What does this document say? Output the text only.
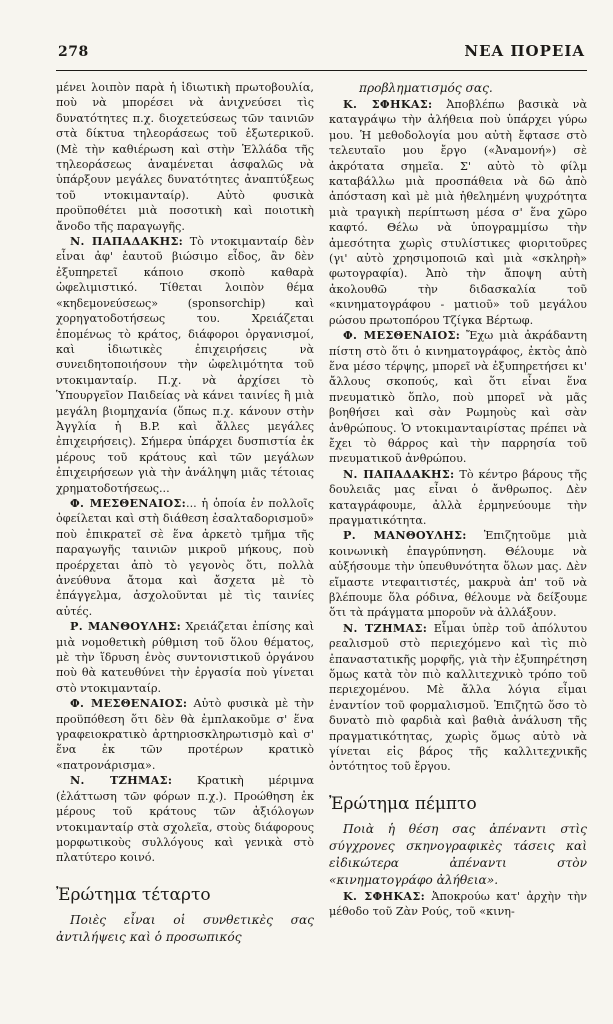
278	ΝΕΑ ΠΟΡΕΙΑ

μένει λοιπὸν παρὰ ἡ ἰδιωτικὴ πρωτοβουλία, ποὺ νὰ μπορέσει νὰ ἀνιχνεύσει τὶς δυνατότητες π.χ. διοχετεύσεως τῶν ταινιῶν στὰ δίκτυα τηλεοράσεως τοῦ ἐξωτερικοῦ. (Μὲ τὴν καθιέρωση καὶ στὴν Ἑλλάδα τῆς τηλεοράσεως ἀναμένεται ἀσφαλῶς νὰ ὑπάρξουν μεγάλες δυνατότητες ἀναπτύξεως τοῦ ντοκιμανταίρ). Αὐτὸ φυσικὰ προϋποθέτει μιὰ ποσοτικὴ καὶ ποιοτικὴ ἄνοδο τῆς παραγωγῆς.

Ν. ΠΑΠΑΔΑΚΗΣ: Τὸ ντοκιμανταίρ δὲν εἶναι ἀφ' ἑαυτοῦ βιώσιμο εἶδος, ἂν δὲν ἐξυπηρετεῖ κάποιο σκοπὸ καθαρὰ ὠφελιμιστικό. Τίθεται λοιπὸν θέμα «κηδεμονεύσεως» (sponsorchip) καὶ χορηγατοδοτήσεως του. Χρειάζεται ἑπομένως τὸ κράτος, διάφοροι ὀργανισμοί, καὶ ἰδιωτικὲς ἐπιχειρήσεις νὰ συνειδητοποιήσουν τὴν ὠφελιμότητα τοῦ ντοκιμανταίρ. Π.χ. νὰ ἀρχίσει τὸ Ὑπουργεῖον Παιδείας νὰ κάνει ταινίες ἢ μιὰ μεγάλη βιομηχανία (ὅπως π.χ. κάνουν στὴν Ἀγγλία ἡ B.P. καὶ ἄλλες μεγάλες ἐπιχειρήσεις). Σήμερα ὑπάρχει δυσπιστία ἐκ μέρους τοῦ κράτους καὶ τῶν μεγάλων ἐπιχειρήσεων γιὰ τὴν ἀνάληψη μιᾶς τέτοιας χρηματοδοτήσεως...

Φ. ΜΕΣΘΕΝΑΙΟΣ:... ἡ ὁποία ἐν πολλοῖς ὀφείλεται καὶ στὴ διάθεση ἐσαλταδορισμοῦ» ποὺ ἐπικρατεῖ σὲ ἕνα ἀρκετὸ τμῆμα τῆς παραγωγῆς ταινιῶν μικροῦ μήκους, ποὺ προέρχεται ἀπὸ τὸ γεγονὸς ὅτι, πολλὰ ἀνεύθυνα ἄτομα καὶ ἄσχετα μὲ τὸ ἐπάγγελμα, ἀσχολοῦνται μὲ τὶς ταινίες αὐτές.

Ρ. ΜΑΝΘΟΥΛΗΣ: Χρειάζεται ἐπίσης καὶ μιὰ νομοθετικὴ ρύθμιση τοῦ ὅλου θέματος, μὲ τὴν ἵδρυση ἑνὸς συντονιστικοῦ ὀργάνου ποὺ θὰ κατευθύνει τὴν ἐργασία ποὺ γίνεται στὸ ντοκιμανταίρ.

Φ. ΜΕΣΘΕΝΑΙΟΣ: Αὐτὸ φυσικὰ μὲ τὴν προϋπόθεση ὅτι δὲν θὰ ἐμπλακοῦμε σ' ἕνα γραφειοκρατικὸ ἀρτηριοσκληρωτισμὸ καὶ σ' ἕνα ἐκ τῶν προτέρων κρατικὸ «πατρονάρισμα».

Ν. ΤΖΗΜΑΣ: Κρατικὴ μέριμνα (ἐλάττωση τῶν φόρων π.χ.). Προώθηση ἐκ μέρους τοῦ κράτους τῶν ἀξιόλογων ντοκιμανταίρ στὰ σχολεῖα, στοὺς διάφορους μορφωτικοὺς συλλόγους καὶ γενικὰ στὸ πλατύτερο κοινό.

Ἐρώτημα τέταρτο

Ποιὲς εἶναι οἱ συνθετικὲς σας ἀντιλήψεις καὶ ὁ προσωπικός

προβληματισμός σας.

Κ. ΣΦΗΚΑΣ: Ἀποβλέπω βασικὰ νὰ καταγράψω τὴν ἀλήθεια ποὺ ὑπάρχει γύρω μου. Ἡ μεθοδολογία μου αὐτὴ ἔφτασε στὸ τελευταῖο μου ἔργο («Ἀναμονή») σὲ ἀκρότατα σημεῖα. Σ' αὐτὸ τὸ φίλμ καταβάλλω μιὰ προσπάθεια νὰ δῶ ἀπὸ ἀπόσταση καὶ μὲ μιὰ ἠθελημένη ψυχρότητα μιὰ τραγικὴ περίπτωση μέσα σ' ἕνα χῶρο καφτό. Θέλω νὰ ὑπογραμμίσω τὴν ἀμεσότητα χωρὶς στυλίστικες φιοριτοῦρες (γι' αὐτὸ χρησιμοποιῶ καὶ μιὰ «σκληρὴ» φωτογραφία). Ἀπὸ τὴν ἄποψη αὐτὴ ἀκολουθῶ τὴν διδασκαλία τοῦ «κινηματογράφου - ματιοῦ» τοῦ μεγάλου ρώσου πρωτοπόρου Τζίγκα Βέρτωφ.

Φ. ΜΕΣΘΕΝΑΙΟΣ: Ἔχω μιὰ ἀκράδαντη πίστη στὸ ὅτι ὁ κινηματογράφος, ἐκτὸς ἀπὸ ἕνα μέσο τέρψης, μπορεῖ νὰ ἐξυπηρετήσει κι' ἄλλους σκοπούς, καὶ ὅτι εἶναι ἕνα πνευματικὸ ὅπλο, ποὺ μπορεῖ νὰ μᾶς βοηθήσει καὶ σὰν Ρωμηοὺς καὶ σὰν ἀνθρώπους. Ὁ ντοκιμανταιρίστας πρέπει νὰ ἔχει τὸ θάρρος καὶ τὴν παρρησία τοῦ πνευματικοῦ ἀνθρώπου.

Ν. ΠΑΠΑΔΑΚΗΣ: Τὸ κέντρο βάρους τῆς δουλειᾶς μας εἶναι ὁ ἄνθρωπος. Δὲν καταγράφουμε, ἀλλὰ ἑρμηνεύουμε τὴν πραγματικότητα.

Ρ. ΜΑΝΘΟΥΛΗΣ: Ἐπιζητοῦμε μιὰ κοινωνικὴ ἐπαγρύπνηση. Θέλουμε νὰ αὐξήσουμε τὴν ὑπευθυνότητα ὅλων μας. Δὲν εἴμαστε ντεφαιτιστές, μακρυὰ ἀπ' τοῦ νὰ βλέπουμε ὅλα ρόδινα, θέλουμε νὰ δείξουμε ὅτι τὰ πράγματα μποροῦν νὰ ἀλλάξουν.

Ν. ΤΖΗΜΑΣ: Εἶμαι ὑπὲρ τοῦ ἀπόλυτου ρεαλισμοῦ στὸ περιεχόμενο καὶ τὶς πιὸ ἐπαναστατικῆς μορφῆς, γιὰ τὴν ἐξυπηρέτηση ὅμως κατὰ τὸν πιὸ καλλιτεχνικὸ τρόπο τοῦ περιεχομένου. Μὲ ἄλλα λόγια εἶμαι ἐναντίον τοῦ φορμαλισμοῦ. Ἐπιζητῶ ὅσο τὸ δυνατὸ πιὸ φαρδιὰ καὶ βαθιὰ ἀνάλυση τῆς πραγματικότητας, χωρὶς ὅμως αὐτὸ νὰ γίνεται εἰς βάρος τῆς καλλιτεχνικῆς ὀντότητος τοῦ ἔργου.

Ἐρώτημα πέμπτο

Ποιὰ ἡ θέση σας ἀπέναντι στὶς σύγχρονες σκηνογραφικὲς τάσεις καὶ εἰδικώτερα ἀπέναντι στὸν «κινηματογράφο ἀλήθεια».

Κ. ΣΦΗΚΑΣ: Ἀποκρούω κατ' ἀρχὴν τὴν μέθοδο τοῦ Ζὰν Ρούς, τοῦ «κινη-
